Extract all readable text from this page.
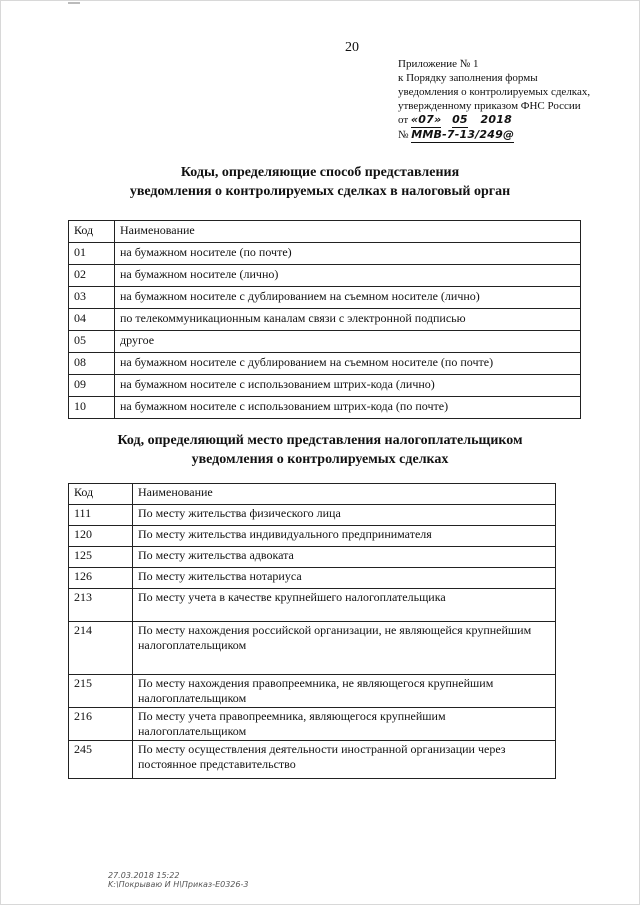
20
Приложение № 1
к Порядку заполнения формы
уведомления о контролируемых сделках,
утвержденному приказом ФНС России
от «07» 05 2018
№ ММВ-7-13/249@
Коды, определяющие способ представления
уведомления о контролируемых сделках в налоговый орган
Код	Наименование
01	на бумажном носителе (по почте)
02	на бумажном носителе (лично)
03	на бумажном носителе с дублированием на съемном носителе (лично)
04	по телекоммуникационным каналам связи с электронной подписью
05	другое
08	на бумажном носителе с дублированием на съемном носителе (по почте)
09	на бумажном носителе с использованием штрих-кода (лично)
10	на бумажном носителе с использованием штрих-кода (по почте)
Код, определяющий место представления налогоплательщиком
уведомления о контролируемых сделках
Код	Наименование
111	По месту жительства физического лица
120	По месту жительства индивидуального предпринимателя
125	По месту жительства адвоката
126	По месту жительства нотариуса
213	По месту учета в качестве крупнейшего налогоплательщика
214	По месту нахождения российской организации, не являющейся крупнейшим налогоплательщиком
215	По месту нахождения правопреемника, не являющегося крупнейшим налогоплательщиком
216	По месту учета правопреемника, являющегося крупнейшим налогоплательщиком
245	По месту осуществления деятельности иностранной организации через постоянное представительство
27.03.2018 15:22
K:\Покрываю И Н\Приказ-Е0326-3
